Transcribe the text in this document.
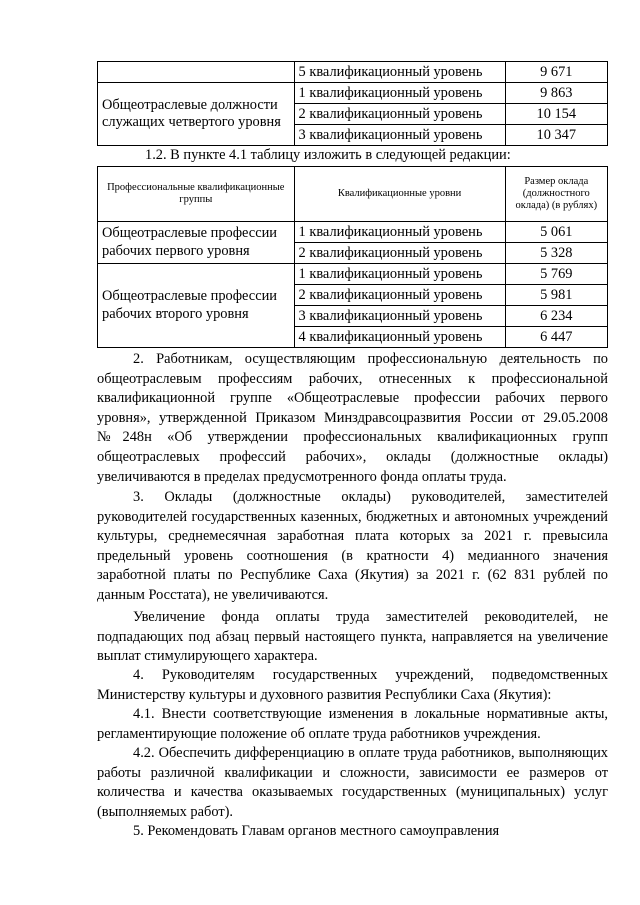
	5 квалификационный уровень	9 671
Общеотраслевые должности служащих четвертого уровня	1 квалификационный уровень	9 863
	2 квалификационный уровень	10 154
	3 квалификационный уровень	10 347
1.2. В пункте 4.1 таблицу изложить в следующей редакции:
Профессиональные квалификационные группы	Квалификационные уровни	Размер оклада (должностного оклада) (в рублях)
Общеотраслевые профессии рабочих первого уровня	1 квалификационный уровень	5 061
	2 квалификационный уровень	5 328
Общеотраслевые профессии рабочих второго уровня	1 квалификационный уровень	5 769
	2 квалификационный уровень	5 981
	3 квалификационный уровень	6 234
	4 квалификационный уровень	6 447

2. Работникам, осуществляющим профессиональную деятельность по общеотраслевым профессиям рабочих, отнесенных к профессиональной квалификационной группе «Общеотраслевые профессии рабочих первого уровня», утвержденной Приказом Минздравсоцразвития России от 29.05.2008 №248н «Об утверждении профессиональных квалификационных групп общеотраслевых профессий рабочих», оклады (должностные оклады) увеличиваются в пределах предусмотренного фонда оплаты труда.

3. Оклады (должностные оклады) руководителей, заместителей руководителей государственных казенных, бюджетных и автономных учреждений культуры, среднемесячная заработная плата которых за 2021 г. превысила предельный уровень соотношения (в кратности 4) медианного значения заработной платы по Республике Саха (Якутия) за 2021 г. (62 831 рублей по данным Росстата), не увеличиваются.

Увеличение фонда оплаты труда заместителей реководителей, не подпадающих под абзац первый настоящего пункта, направляется на увеличение выплат стимулирующего характера.

4. Руководителям государственных учреждений, подведомственных Министерству культуры и духовного развития Республики Саха (Якутия):

4.1. Внести соответствующие изменения в локальные нормативные акты, регламентирующие положение об оплате труда работников учреждения.

4.2. Обеспечить дифференциацию в оплате труда работников, выполняющих работы различной квалификации и сложности, зависимости ее размеров от количества и качества оказываемых государственных (муниципальных) услуг (выполняемых работ).

5. Рекомендовать Главам органов местного самоуправления
